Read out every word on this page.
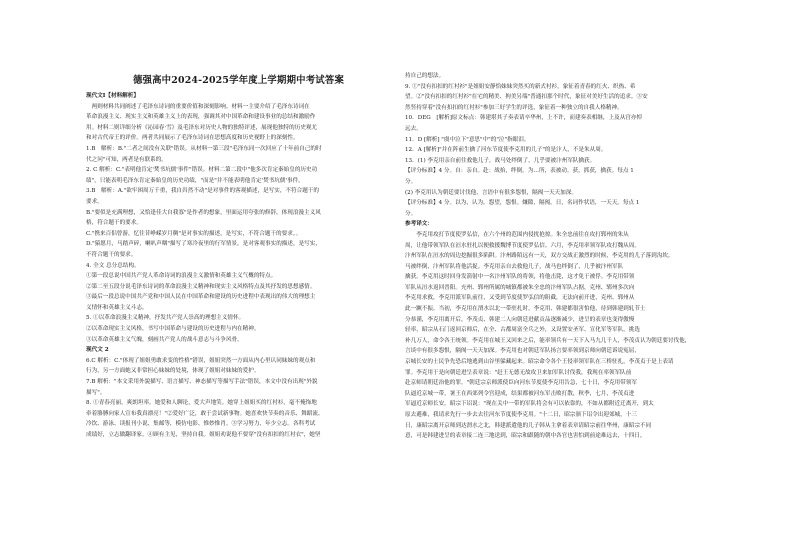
德强高中2024-2025学年度上学期期中考试答案
现代文Ⅰ【材料解析】
　两则材料共同阐述了毛泽东诗词的重要价值和深刻影响。材料一主要介绍了毛泽东诗词在
革命浪漫主义、现实主义和英雄主义上的表现，强调其对中国革命和建设事业的总结和激励作
用。材料二则详细分析《沁园春·雪》及毛泽东对历史人物的独特评述，展现他独特的历史观尤
和对古代帝王的评价。两者共同展示了毛泽东诗词在思想高度和历史视野上的深刻性。
1.B　解析：B."二者之间没有关联"错误。从材料一第三段"毛泽东同一次回应了十年前自己的时
代之问"可知，两者是有联系的。
2. C 解析：C."表明他肯定'焚书坑儒'事件"错误。材料二第二段中"他多次肯定秦始皇的历史功
绩"，只能表明毛泽东肯定秦始皇的历史功绩，"而是"并不能表明他肯定'焚书坑儒'事件。
3.B　解析：A."欲牢困周万千重，我自岿然不动"是对事件的客观描述，是写实，不符合题干的
要求。
B."要似是充满理想，又恰逢佳大自我寡"是作者的想象，里面运用夸张的修辞，体现浪漫主义风
格，符合题干的要求。
C."携来百侣曾游，忆往昔峥嵘岁月稠"是对事实的描述，是写实，不符合题干的要求。。
D."猿愿月，马踏声碎，喇叭声咽"描写了寒冷夜里的行军情景，是对客观事实的描述，是写实，
不符合题干的要求。
4. 全文 总分总结构。
①第一段总说中国共产党人革命诗词的浪漫主义激情和英雄主义气概的特点。
②第二至五段分说毛泽东诗词的革命浪漫主义精神和现实主义风格特点及其抒发的思想感情。
③最后一段总说中国共产党和中国人民在中国革命和建设的历史进程中表现出的伟大的理想主
义情怀和英雄主义斗志。
5. ①以革命浪漫主义精神，抒发共产党人崇高的理想主义情怀。
②以革命现实主义风格，书写中国革命与建设的历史进程与内在精神。
③以革命英雄主义气魄，刻画共产党人的战斗意志与斗争风骨。
现代文 2
6.C 解析：C."体现了姐姐勇敢求变的性格"错误，姐姐突然一方面从内心里认同妹妹的观点和
行为，另一方面她又非常担心妹妹的处境，体现了姐姐对妹妹的爱护。
7.B 解析："本文采用外貌描写、语言描写、神态描写等描写手法"错误，本文中没有出现"外貌
描写"。
8. ①青春亮丽，爽朗坦率。她爱和人聊论，爱大声地笑。她穿上姐姐买的红衬衫，毫不掩饰地
牵着胳膊向家人宣布我真漂亮！"②爱好广泛，敢于尝试新事物。她喜欢快节奏的音乐、舞蹈流、
冷饮、游泳、读报刊小说、集邮等，模仿电影、惟妙惟肖。③学习努力，年少立志。各科考试
成绩好，立志做翻译家。④顾有主见，坚持自我。姐姐劝说他不要穿"没有扣扣的红衬衣"，她坚
持自己的想法。
9. ①"没有扣扣的红衬衫"是姐姐安静恰妹妹突然买的新式衬衫，象征着青春的红火、织热、希
望。②"没有扣扣的红衬衫"在宅的精美、拘美另端"普通扣那个时代，象征对美好生活的追求。③安
然竖持穿着"没有扣扣的红衬衫"参加三好学生的评选，象征着一种独立的自我人格精神。
10．DEG　[解析]原文标点：韩建堪其子奏表请卒华州，上不许，而建奏表相继，上及从宫亦悼
远去。
11．D [解析] "虞中泣下"意思"中"的"泣"指眼泪。
12．A [解析]"并在阵前生擒了河东节度使李克用的儿子"的是汴人，不是朱从周。
13．(1) 李克用亲自前往救他儿子，战马处绊倒了，几乎要被汴州军队擒获。
【评分标准】4 分。自：亲自。赴：战抬，绊倒。为…所，表被动。获，抓获，擒获。每点 1
分。
(2) 李克用认为朝廷要讨伐他，言语中有很多怨恨，隔阂一天天加深。
【评分标准】4 分。以为，认为。怨望，怨恨。嫌隙，隔阂。日，名词作状语，一天天。每点 1
分。
参考译文：
　　李克用攻打节度使罗弘信，在六个州的范围内侵扰抢掠。朱全忠前往在攻打郓州的朱从
周，让他带领军队在洹水驻扎以便救援魏博节度使罗弘信。六月，李克用率领军队攻打魏从周。
汴州军队在洹水的周边挖掘很多陷阱。汴州路陌远有一天，双方交战正激烈的时候，李克用的儿子落到沟坎。
马被绊倒，汴州军队将他活捉。李克用亲自去救他儿子，战马也绊倒了，几乎被汴州军队
擒获。李克用这时回身发箭射中一名汴州军队的将领，将他击毙，这才免于被俘。李克用带领
军队从洹水返回晋阳。充州、郓州所属的城镇都被朱全忠的汴州军队占据，克州、郓州多次向
李克用求救，李克用派军队前往，又受到节度使罗弘信的阻截，无法向前开进，克州、郓州从
此一蹶不振。当初，李克用在渭水以北一带驻扎时，李克用、韩建都很害怕他，待到韩建到轧节士
分恭谨，李克用离开后，李茂贞、韩建二人向朝廷进献贡品逐渐减少，进呈的表章也变得傲慢
轻率，昭宗从石门返回京师后，在全、古都周富全兵之外，又设置安圣军、宣化军等军队，挑选
补几万人，命令各王统领。李克用在城王又回来之后，能率领兵有一天下入马九几千人，李茂贞认为朝廷要讨伐他，
言谈中有很多怨恨，隔阂一天天加深。李克用也对朝廷军队扬言要率领到京师向朝廷诉说冤屈，
京城长安的士民争先恐后地逃到山谷里躲藏起来。昭宗命令各个王侵率领军队在三桥驻扎，李茂贞于是上表请
罪。李克用于是向朝廷进呈表章说："赶王无德无故攻卫来加军队讨伐我，我现在率领军队前
赴京师请朝廷治他的罪。"朝廷宗京师派使臣向河东节度使李克用告急，七十日，李克用带领军
队逼近京城一带，暑王在西郊列令宫迎成，结果都被河东军击败打散，秋季，七月，李茂贞进
军逼近京师长安。昭宗下诏说："现在关中一带的军队将会有可以依靠的，不如从都附近迁离开，到太
原去避难，我请求先行一步去去往河东节度使李克用。"十二日，昭宗颁下诏令出迎郊城，十三
日，康昭宗离开京师到达渭水之北，韩建派遣他的儿子韩从主拿着表章请昭宗前往华州，康昭宗不同
意，可是韩建进呈的表章接二连三地送到，昭宗和跟随的朝中各官也害怕到前途难远去，十四日，
